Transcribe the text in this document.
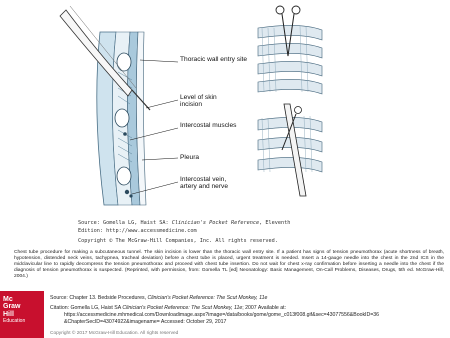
Thoracic wall entry site
Level of skin incision
Intercostal muscles
Pleura
Intercostal vein, artery and nerve
Source: Gomella LG, Haist SA: Clinician's Pocket Reference, Eleventh
Edition: http://www.accessmedicine.com
Copyright © The McGraw-Hill Companies, Inc. All rights reserved.
Chest tube procedure for making a subcutaneous tunnel. The skin incision is lower than the thoracic wall entry site. If a patient has signs of tension pneumothorax (acute shortness of breath, hypotension, distended neck veins, tachypnea, tracheal deviation) before a chest tube is placed, urgent treatment is needed. Insert a 14-gauge needle into the chest in the 2nd ICS in the midclavicular line to rapidly decompress the tension pneumothorax and proceed with chest tube insertion. Do not wait for chest x-ray confirmation before inserting a needle into the chest if the diagnosis of tension pneumothorax is suspected. (Reprinted, with permission, from: Gomella TL [ed] Neonatology: Basic Management, On-Call Problems, Diseases, Drugs, 5th ed. McGraw-Hill, 2004.)
Mc
Graw
Hill
Education
Source: Chapter 13. Bedside Procedures, Clinician's Pocket Reference: The Scut Monkey, 11e
Citation: Gomella LG, Haist SA Clinician's Pocket Reference: The Scut Monkey, 11e; 2007 Available at:
https://accessmedicine.mhmedical.com/Downloadimage.aspx?image=/data/books/gome/gome_c013f008.gif&sec=43077556&BookID=36
&ChapterSecID=43074922&imagename= Accessed: October 29, 2017
Copyright © 2017 McGraw-Hill Education. All rights reserved
